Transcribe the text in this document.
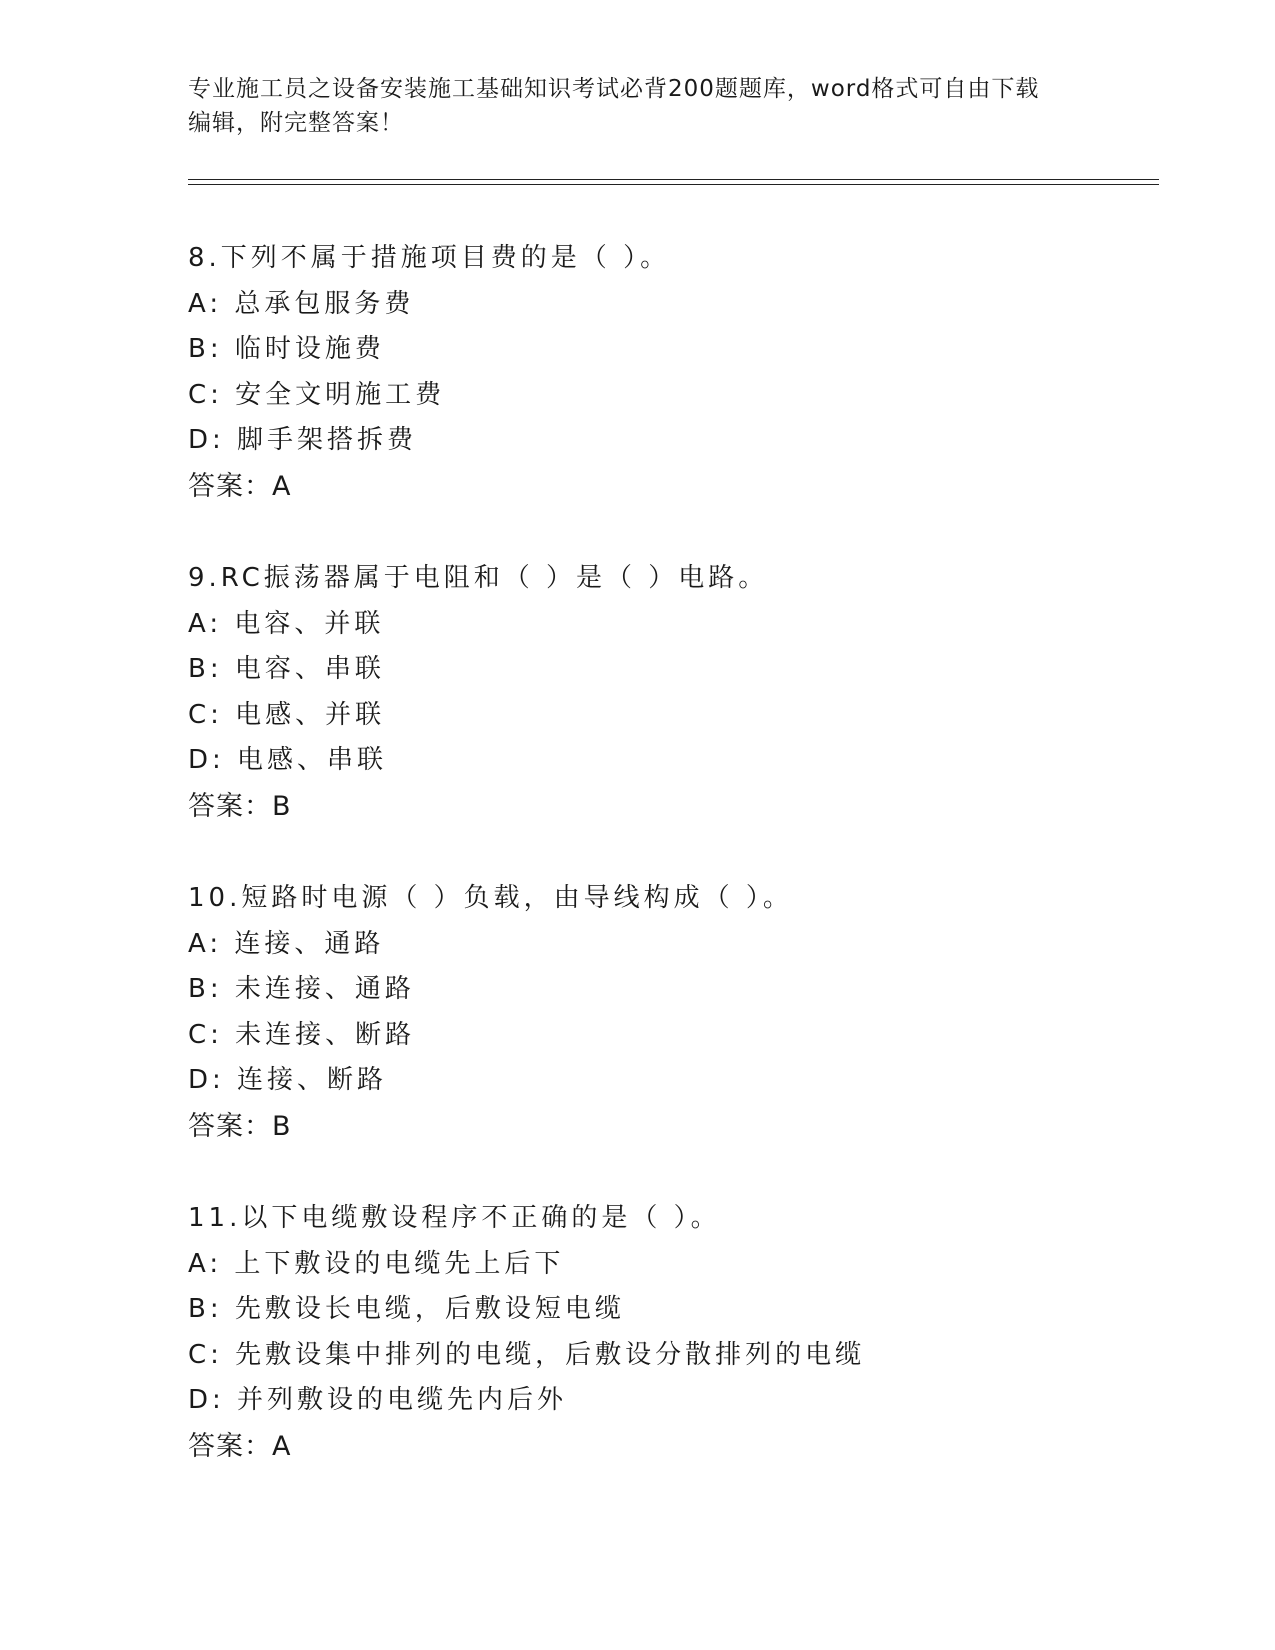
专业施工员之设备安装施工基础知识考试必背200题题库，word格式可自由下载
编辑，附完整答案！
8.下列不属于措施项目费的是（ ）。
A: 总承包服务费
B: 临时设施费
C: 安全文明施工费
D: 脚手架搭拆费
答案：A
9.RC振荡器属于电阻和（ ）是（ ）电路。
A: 电容、并联
B: 电容、串联
C: 电感、并联
D: 电感、串联
答案：B
10.短路时电源（ ）负载，由导线构成（ ）。
A: 连接、通路
B: 未连接、通路
C: 未连接、断路
D: 连接、断路
答案：B
11.以下电缆敷设程序不正确的是（ ）。
A: 上下敷设的电缆先上后下
B: 先敷设长电缆，后敷设短电缆
C: 先敷设集中排列的电缆，后敷设分散排列的电缆
D: 并列敷设的电缆先内后外
答案：A
